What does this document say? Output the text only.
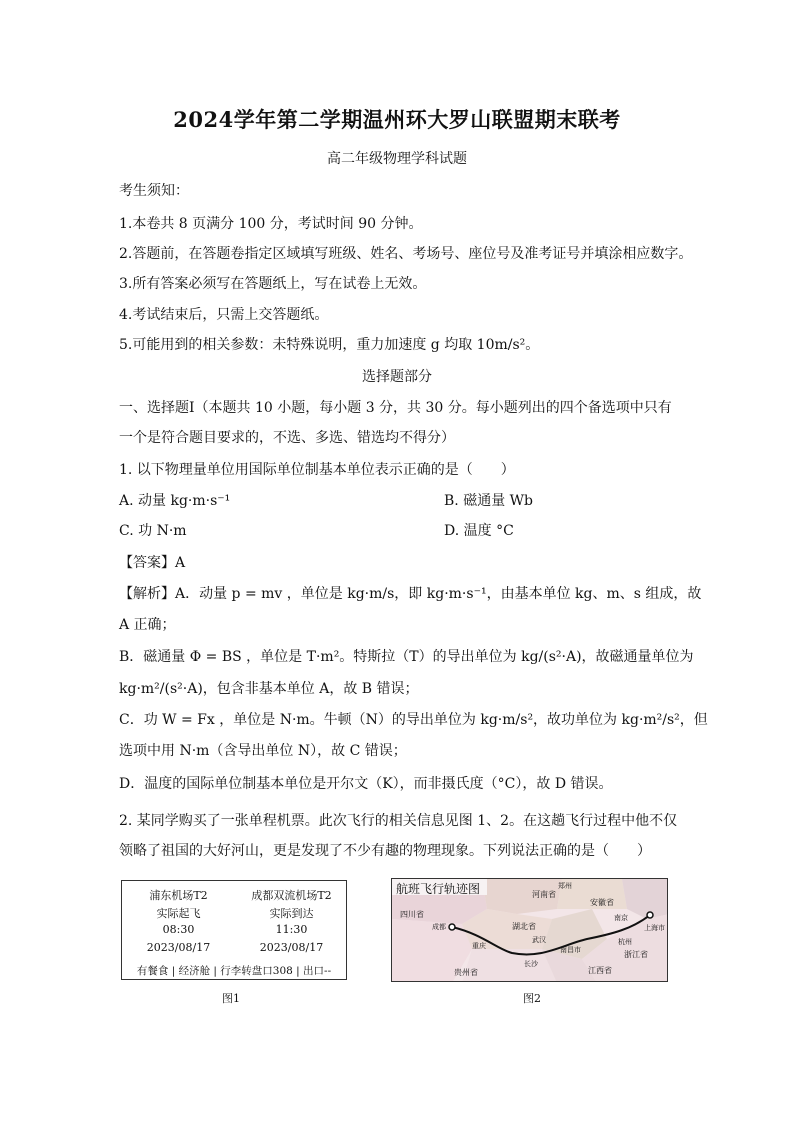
2024学年第二学期温州环大罗山联盟期末联考
高二年级物理学科试题
考生须知：
1.本卷共 8 页满分 100 分，考试时间 90 分钟。
2.答题前，在答题卷指定区域填写班级、姓名、考场号、座位号及准考证号并填涂相应数字。
3.所有答案必须写在答题纸上，写在试卷上无效。
4.考试结束后，只需上交答题纸。
5.可能用到的相关参数：未特殊说明，重力加速度 g 均取 10m/s²。
选择题部分
一、选择题Ⅰ（本题共 10 小题，每小题 3 分，共 30 分。每小题列出的四个备选项中只有
一个是符合题目要求的，不选、多选、错选均不得分）
1. 以下物理量单位用国际单位制基本单位表示正确的是（　　）
A. 动量 kg·m·s⁻¹	B. 磁通量 Wb
C. 功 N·m	D. 温度 °C
【答案】A
【解析】A．动量 p = mv ，单位是 kg·m/s，即 kg·m·s⁻¹，由基本单位 kg、m、s 组成，故
A 正确；
B．磁通量 Φ = BS ，单位是 T·m²。特斯拉（T）的导出单位为 kg/(s²·A)，故磁通量单位为
kg·m²/(s²·A)，包含非基本单位 A，故 B 错误；
C．功 W = Fx ，单位是 N·m。牛顿（N）的导出单位为 kg·m/s²，故功单位为 kg·m²/s²，但
选项中用 N·m（含导出单位 N），故 C 错误；
D．温度的国际单位制基本单位是开尔文（K），而非摄氏度（°C），故 D 错误。
2. 某同学购买了一张单程机票。此次飞行的相关信息见图 1、2。在这趟飞行过程中他不仅
领略了祖国的大好河山，更是发现了不少有趣的物理现象。下列说法正确的是（　　）
浦东机场T2	成都双流机场T2
实际起飞	实际到达
08:30	11:30
2023/08/17	2023/08/17
有餐食 | 经济舱 | 行李转盘口308 | 出口--
图1
航班飞行轨迹图
四川省
成都
重庆
湖北省
武汉
南京
上海市
杭州
浙江省
江西省
长沙
贵州省
河南省
安徽省
南昌市
郑州
图2
